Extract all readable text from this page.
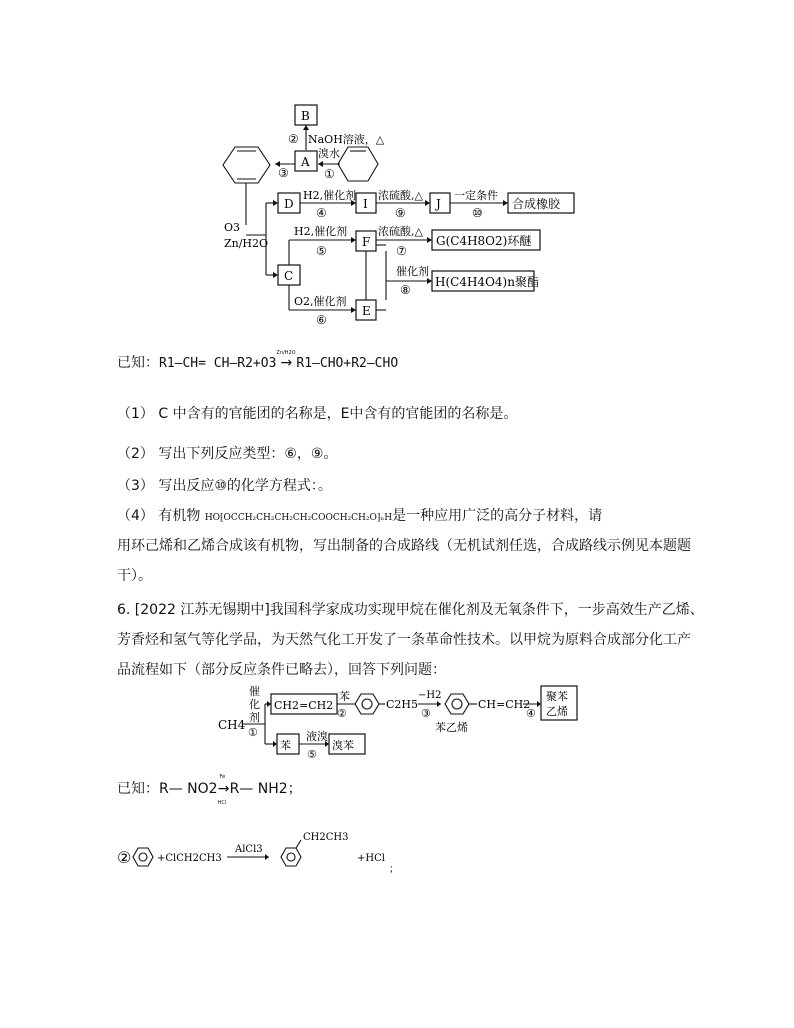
B
② NaOH溶液，△
A
溴水
①
③
O3
Zn/H2O
D
H2,催化剂
④
I
浓硫酸,△
⑨
J
一定条件
⑩
合成橡胶
C
H2,催化剂
⑤
O2,催化剂
⑥
F
浓硫酸,△
⑦
G(C4H8O2)环醚
E
催化剂
⑧
H(C4H4O4)n聚酯
已知：R1—CH= CH—R2+O3
Zn/H2O
→ R1—CHO+R2—CHO
（1） C 中含有的官能团的名称是，E中含有的官能团的名称是。
（2） 写出下列反应类型：⑥，⑨。
（3） 写出反应⑩的化学方程式：。
（4） 有机物 HO⁅OCCH₂CH₂CH₂CH₂COOCH₂CH₂O⁆ₙH是一种应用广泛的高分子材料，请
用环己烯和乙烯合成该有机物，写出制备的合成路线（无机试剂任选，合成路线示例见本题题
干）。
6. [2022 江苏无锡期中]我国科学家成功实现甲烷在催化剂及无氧条件下，一步高效生产乙烯、
芳香烃和氢气等化学品，为天然气化工开发了一条革命性技术。以甲烷为原料合成部分化工产
品流程如下（部分反应条件已略去），回答下列问题：
CH4
催
化
剂
①
CH2=CH2
苯
②
C2H5
−H2
③
CH=CH2
苯乙烯
④
聚苯
乙烯
苯
液溴
⑤
溴苯
已知：R— NO2
Fe
→
HCl
R— NH2；
②	+ClCH2CH3
AlCl3
CH2CH3
+HCl
；
